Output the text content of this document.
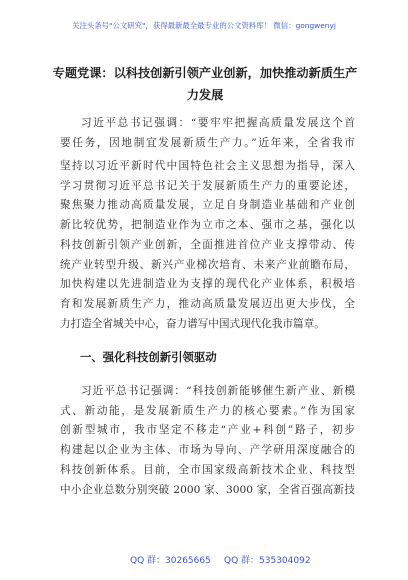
关注头条号"公文研究"，获得最新最全最专业的公文资料库！ 微信：gongwenyj
专题党课：以科技创新引领产业创新，加快推动新质生产
力发展
习近平总书记强调：“要牢牢把握高质量发展这个首
要任务，因地制宜发展新质生产力。”近年来，全省我市
坚持以习近平新时代中国特色社会主义思想为指导，深入
学习贯彻习近平总书记关于发展新质生产力的重要论述，
聚焦聚力推动高质量发展，立足自身制造业基础和产业创
新比较优势，把制造业作为立市之本、强市之基，强化以
科技创新引领产业创新，全面推进首位产业支撑带动、传
统产业转型升级、新兴产业梯次培育、未来产业前瞻布局，
加快构建以先进制造业为支撑的现代化产业体系，积极培
育和发展新质生产力，推动高质量发展迈出更大步伐，全
力打造全省城关中心，奋力谱写中国式现代化我市篇章。
一、强化科技创新引领驱动
习近平总书记强调：“科技创新能够催生新产业、新模
式、新动能，是发展新质生产力的核心要素。”作为国家
创新型城市，我市坚定不移走“产业+科创”路子，初步
构建起以企业为主体、市场为导向、产学研用深度融合的
科技创新体系。目前，全市国家级高新技术企业、科技型
中小企业总数分别突破 2000 家、3000 家，全省百强高新技
QQ 群：30265665 QQ 群：535304092
